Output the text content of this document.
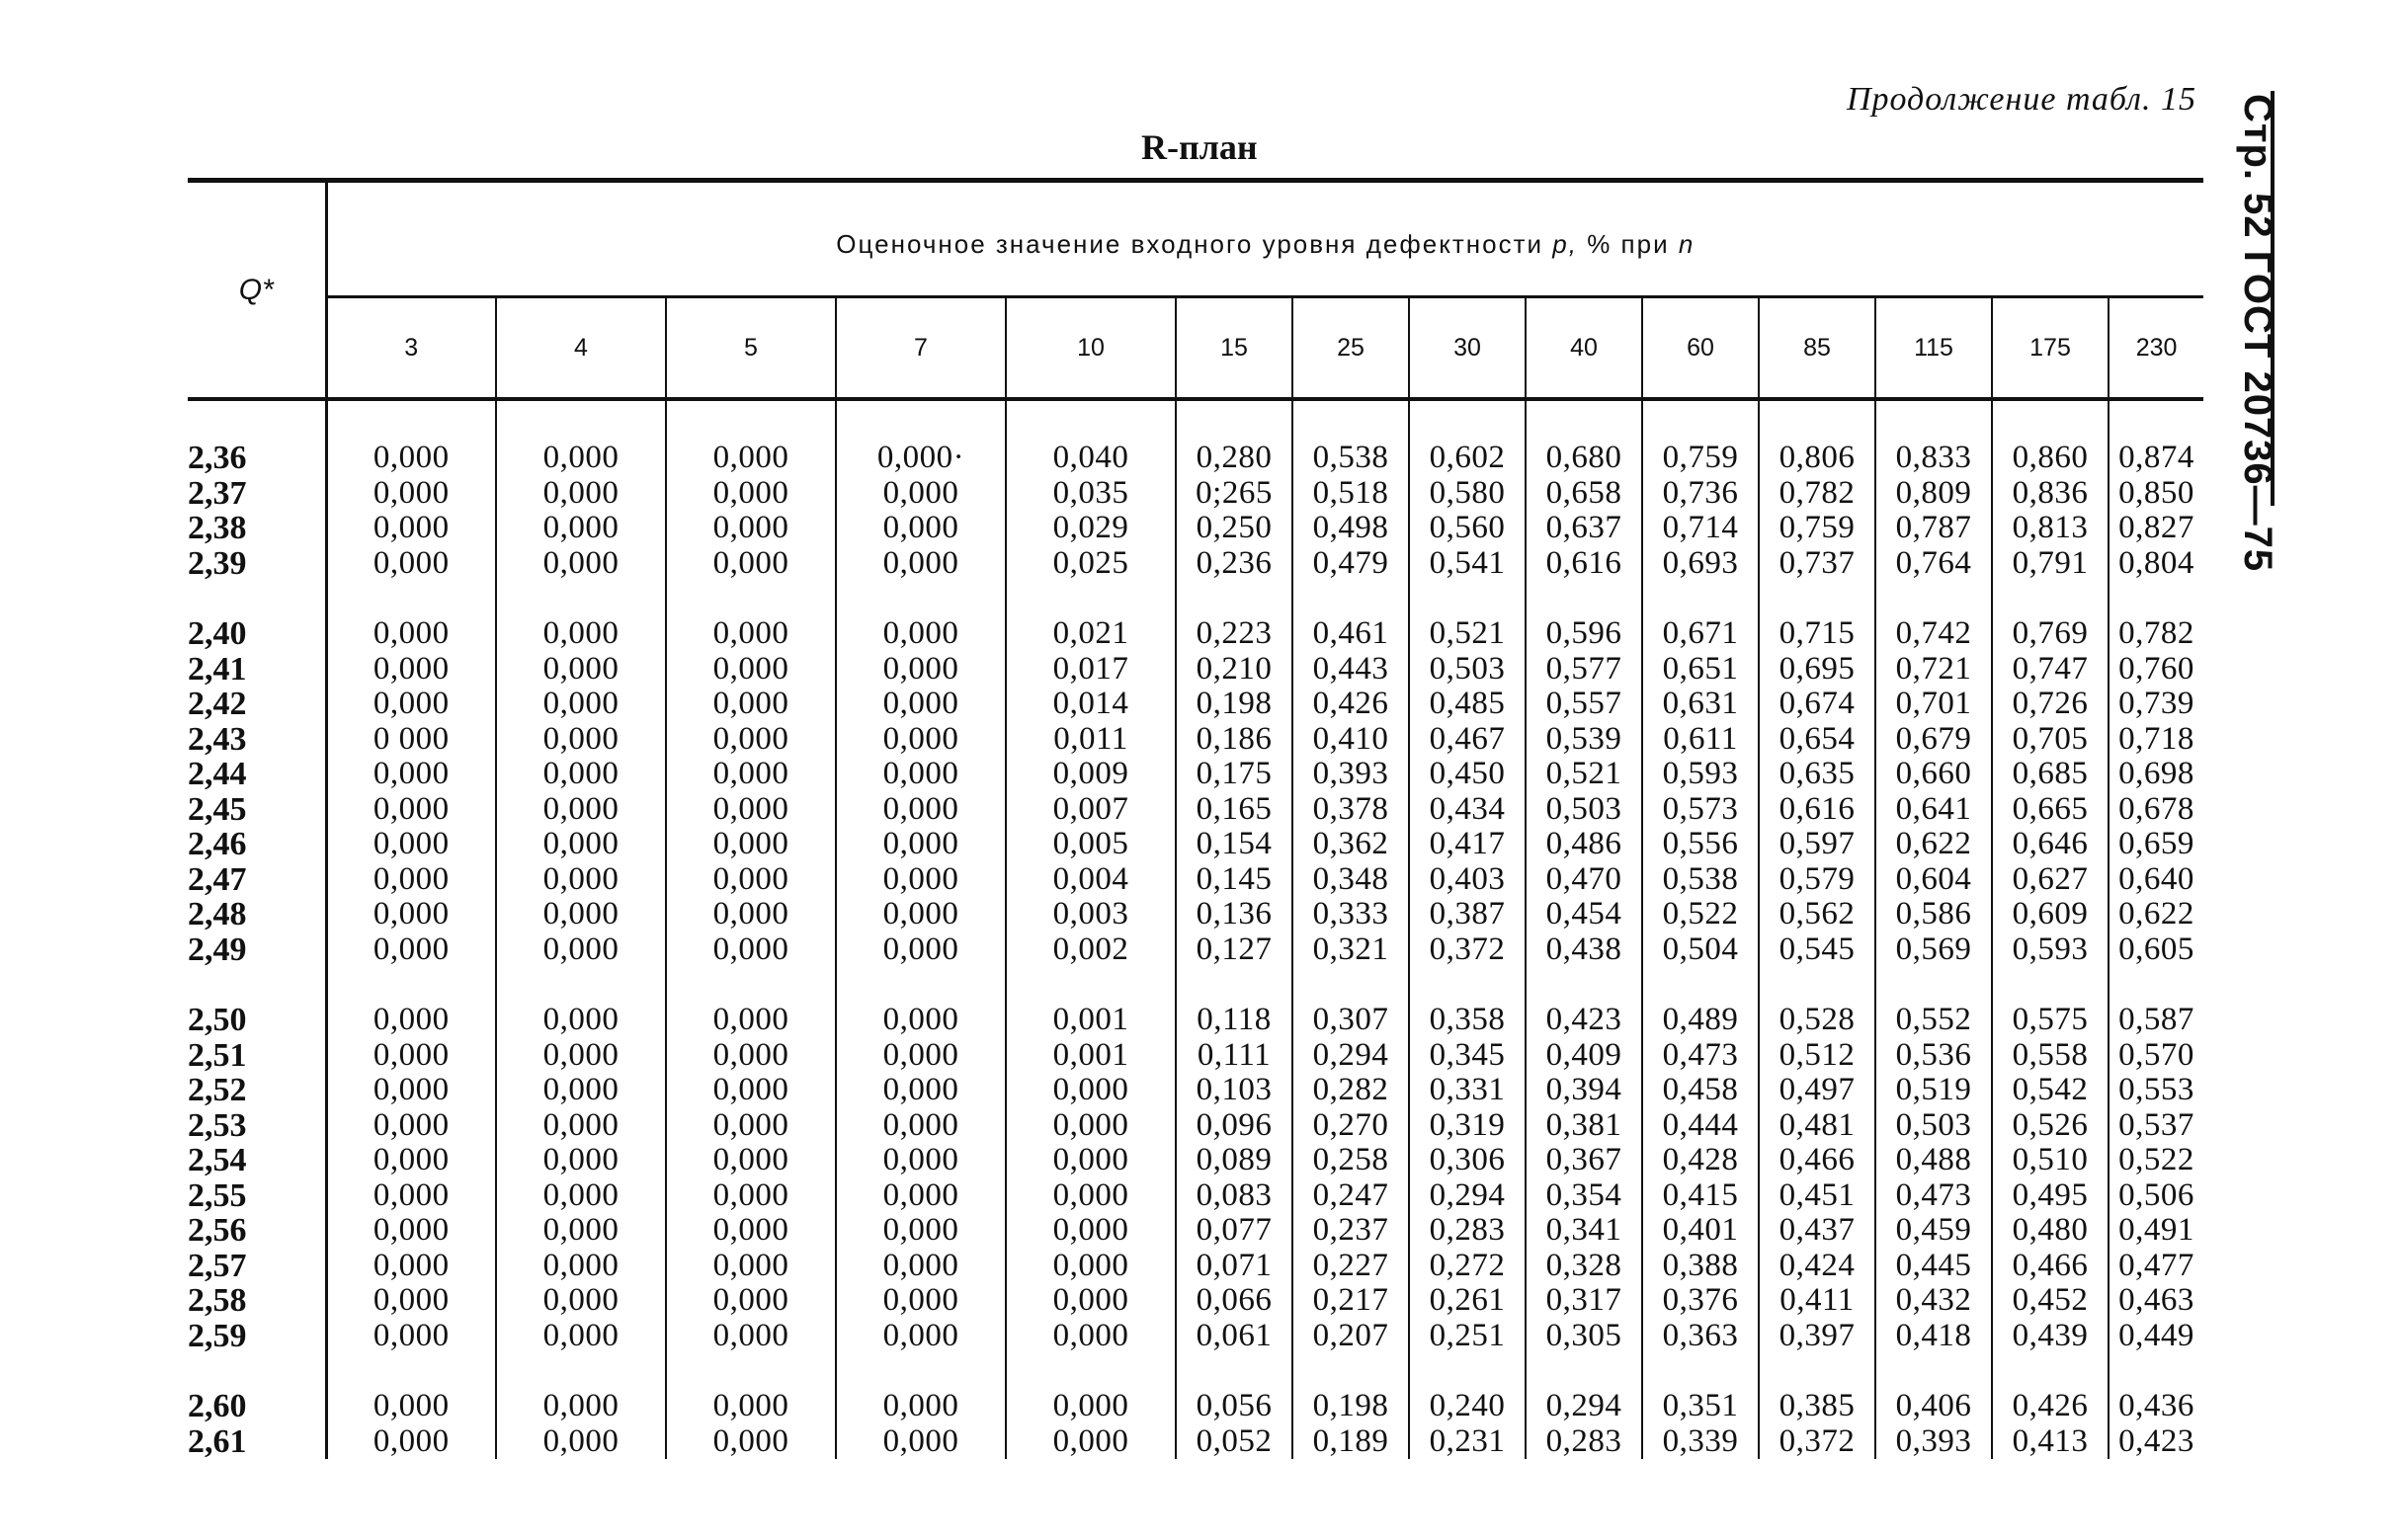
Продолжение табл. 15
R-план	Стр. 52 ГОСТ 20736—75
Q*	Оценочное значение входного уровня дефектности p, % при n													
	3	4	5	7	10	15	25	30	40	60	85	115	175	230

2,36	0,000	0,000	0,000	0,000·	0,040	0,280	0,538	0,602	0,680	0,759	0,806	0,833	0,860	0,874
2,37	0,000	0,000	0,000	0,000	0,035	0;265	0,518	0,580	0,658	0,736	0,782	0,809	0,836	0,850
2,38	0,000	0,000	0,000	0,000	0,029	0,250	0,498	0,560	0,637	0,714	0,759	0,787	0,813	0,827
2,39	0,000	0,000	0,000	0,000	0,025	0,236	0,479	0,541	0,616	0,693	0,737	0,764	0,791	0,804

2,40	0,000	0,000	0,000	0,000	0,021	0,223	0,461	0,521	0,596	0,671	0,715	0,742	0,769	0,782
2,41	0,000	0,000	0,000	0,000	0,017	0,210	0,443	0,503	0,577	0,651	0,695	0,721	0,747	0,760
2,42	0,000	0,000	0,000	0,000	0,014	0,198	0,426	0,485	0,557	0,631	0,674	0,701	0,726	0,739
2,43	0 000	0,000	0,000	0,000	0,011	0,186	0,410	0,467	0,539	0,611	0,654	0,679	0,705	0,718
2,44	0,000	0,000	0,000	0,000	0,009	0,175	0,393	0,450	0,521	0,593	0,635	0,660	0,685	0,698
2,45	0,000	0,000	0,000	0,000	0,007	0,165	0,378	0,434	0,503	0,573	0,616	0,641	0,665	0,678
2,46	0,000	0,000	0,000	0,000	0,005	0,154	0,362	0,417	0,486	0,556	0,597	0,622	0,646	0,659
2,47	0,000	0,000	0,000	0,000	0,004	0,145	0,348	0,403	0,470	0,538	0,579	0,604	0,627	0,640
2,48	0,000	0,000	0,000	0,000	0,003	0,136	0,333	0,387	0,454	0,522	0,562	0,586	0,609	0,622
2,49	0,000	0,000	0,000	0,000	0,002	0,127	0,321	0,372	0,438	0,504	0,545	0,569	0,593	0,605

2,50	0,000	0,000	0,000	0,000	0,001	0,118	0,307	0,358	0,423	0,489	0,528	0,552	0,575	0,587
2,51	0,000	0,000	0,000	0,000	0,001	0,111	0,294	0,345	0,409	0,473	0,512	0,536	0,558	0,570
2,52	0,000	0,000	0,000	0,000	0,000	0,103	0,282	0,331	0,394	0,458	0,497	0,519	0,542	0,553
2,53	0,000	0,000	0,000	0,000	0,000	0,096	0,270	0,319	0,381	0,444	0,481	0,503	0,526	0,537
2,54	0,000	0,000	0,000	0,000	0,000	0,089	0,258	0,306	0,367	0,428	0,466	0,488	0,510	0,522
2,55	0,000	0,000	0,000	0,000	0,000	0,083	0,247	0,294	0,354	0,415	0,451	0,473	0,495	0,506
2,56	0,000	0,000	0,000	0,000	0,000	0,077	0,237	0,283	0,341	0,401	0,437	0,459	0,480	0,491
2,57	0,000	0,000	0,000	0,000	0,000	0,071	0,227	0,272	0,328	0,388	0,424	0,445	0,466	0,477
2,58	0,000	0,000	0,000	0,000	0,000	0,066	0,217	0,261	0,317	0,376	0,411	0,432	0,452	0,463
2,59	0,000	0,000	0,000	0,000	0,000	0,061	0,207	0,251	0,305	0,363	0,397	0,418	0,439	0,449

2,60	0,000	0,000	0,000	0,000	0,000	0,056	0,198	0,240	0,294	0,351	0,385	0,406	0,426	0,436
2,61	0,000	0,000	0,000	0,000	0,000	0,052	0,189	0,231	0,283	0,339	0,372	0,393	0,413	0,423
